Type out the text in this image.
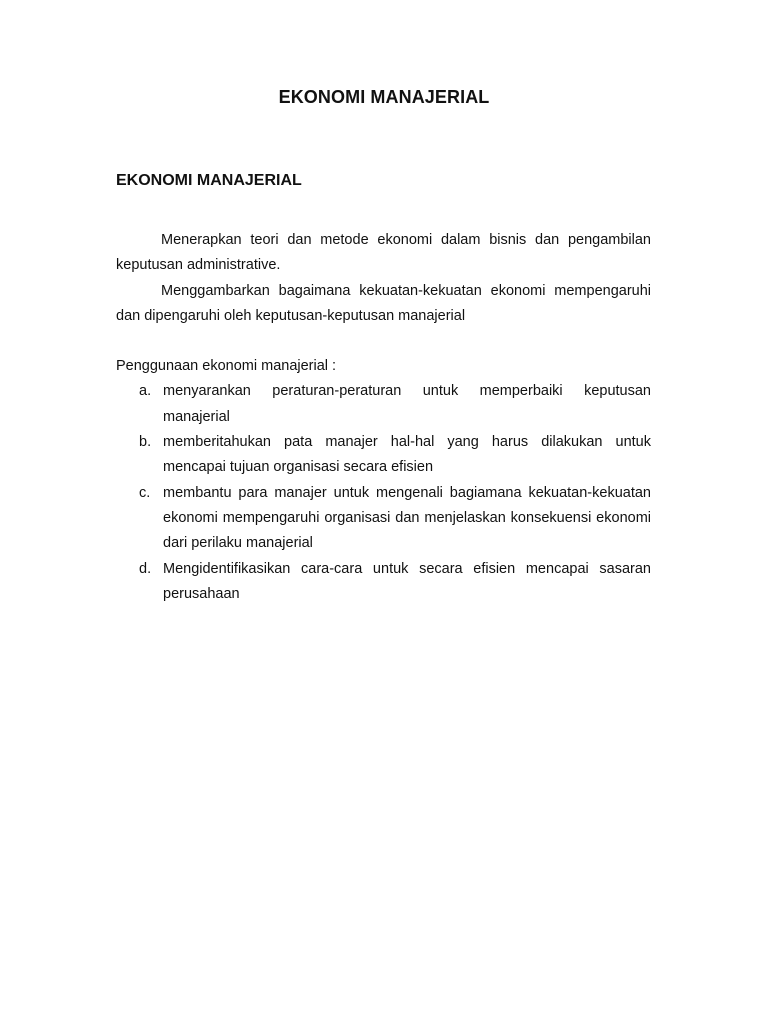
EKONOMI MANAJERIAL
EKONOMI MANAJERIAL

Menerapkan teori dan metode ekonomi dalam bisnis dan pengambilan keputusan administrative.

Menggambarkan bagaimana kekuatan-kekuatan ekonomi mempengaruhi dan dipengaruhi oleh keputusan-keputusan manajerial

Penggunaan ekonomi manajerial :

a. menyarankan peraturan-peraturan untuk memperbaiki keputusan manajerial
b. memberitahukan pata manajer hal-hal yang harus dilakukan untuk mencapai tujuan organisasi secara efisien
c. membantu para manajer untuk mengenali bagiamana kekuatan-kekuatan ekonomi mempengaruhi organisasi dan menjelaskan konsekuensi ekonomi dari perilaku manajerial
d. Mengidentifikasikan cara-cara untuk secara efisien mencapai sasaran perusahaan
